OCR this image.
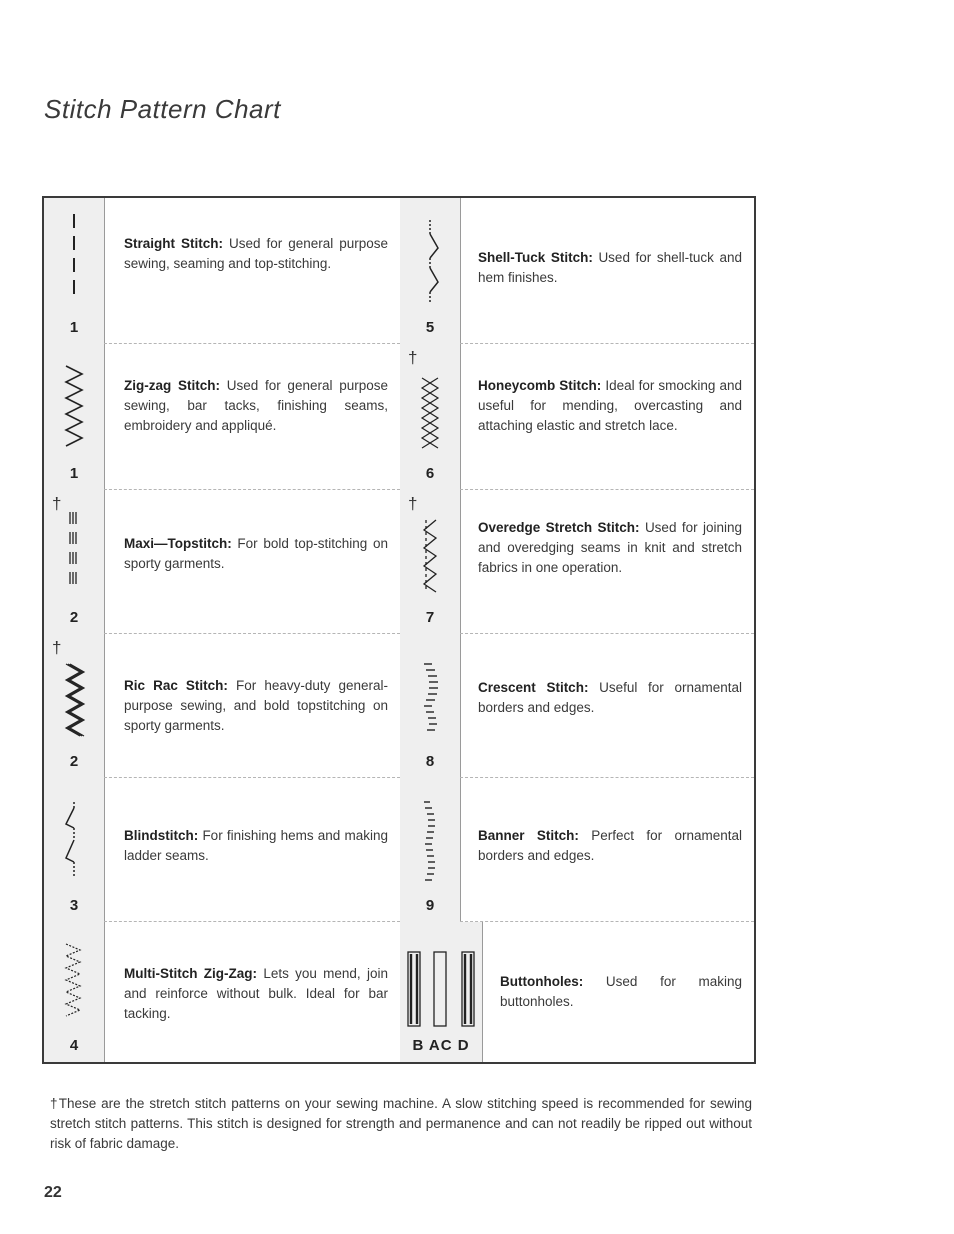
Stitch Pattern Chart
1
Straight Stitch: Used for general purpose sewing, seaming and top-stitching.
1
Zig-zag Stitch: Used for general purpose sewing, bar tacks, finishing seams, embroidery and appliqué.
†
2
Maxi—Topstitch: For bold top-stitching on sporty garments.
†
2
Ric Rac Stitch: For heavy-duty general-purpose sewing, and bold topstitching on sporty garments.
3
Blindstitch: For finishing hems and making ladder seams.
4
Multi-Stitch Zig-Zag: Lets you mend, join and reinforce without bulk. Ideal for bar tacking.
5
Shell-Tuck Stitch: Used for shell-tuck and hem finishes.
†
6
Honeycomb Stitch: Ideal for smocking and useful for mending, overcasting and attaching elastic and stretch lace.
†
7
Overedge Stretch Stitch: Used for joining and overedging seams in knit and stretch fabrics in one operation.
8
Crescent Stitch: Useful for ornamental borders and edges.
9
Banner Stitch: Perfect for ornamental borders and edges.
B AC D
Buttonholes: Used for making buttonholes.
†These are the stretch stitch patterns on your sewing machine. A slow stitching speed is recommended for sewing stretch stitch patterns. This stitch is designed for strength and permanence and can not readily be ripped out without risk of fabric damage.
22
